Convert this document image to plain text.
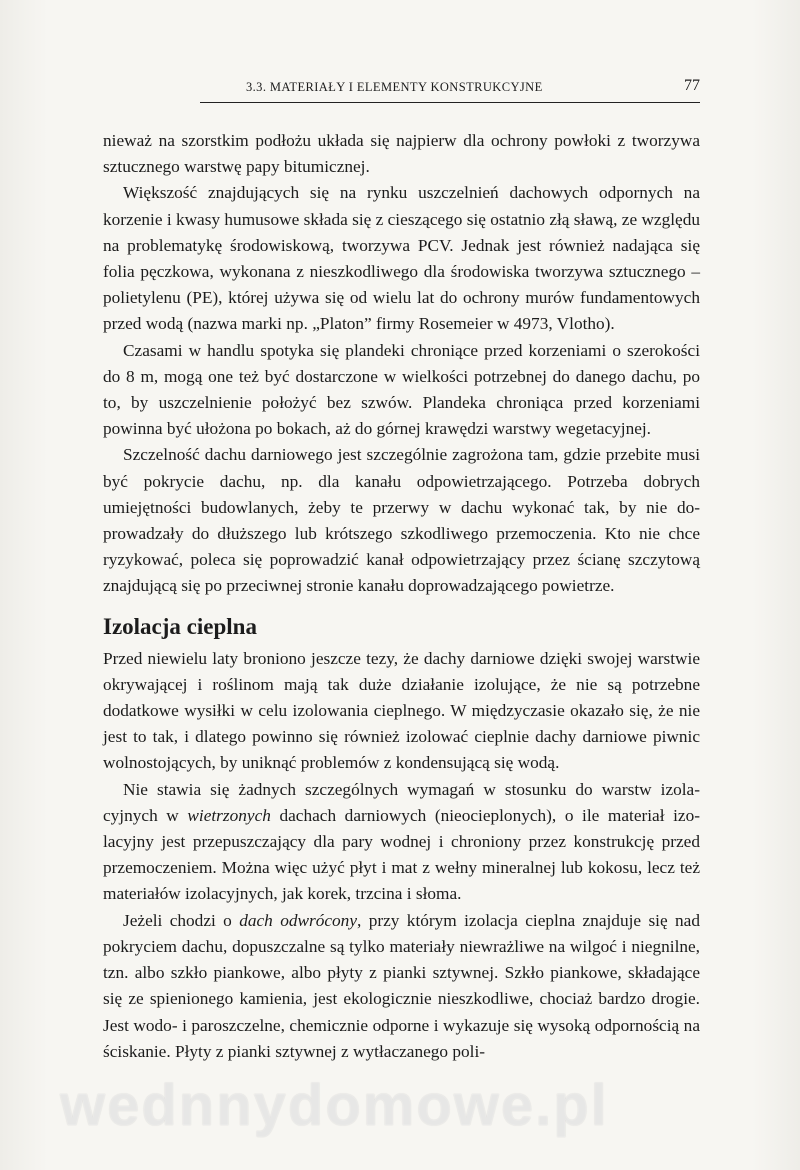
3.3. MATERIAŁY I ELEMENTY KONSTRUKCYJNE	77

nieważ na szorstkim podłożu układa się najpierw dla ochrony powłoki z tworzywa sztucznego warstwę papy bitumicznej.

Większość znajdujących się na rynku uszczelnień dachowych odpornych na korzenie i kwasy humusowe składa się z cieszącego się ostatnio złą sławą, ze względu na problematykę środowiskową, tworzywa PCV. Jednak jest również nadająca się folia pęczkowa, wykonana z nieszkodliwego dla środowiska tworzywa sztucznego – polietylenu (PE), której używa się od wielu lat do ochrony murów fundamentowych przed wodą (nazwa marki np. „Platon” firmy Rosemeier w 4973, Vlotho).

Czasami w handlu spotyka się plandeki chroniące przed korzeniami o szerokości do 8 m, mogą one też być dostarczone w wielkości potrzebnej do danego dachu, po to, by uszczelnienie położyć bez szwów. Plandeka chroniąca przed korzeniami powinna być ułożona po bokach, aż do górnej krawędzi warstwy wegetacyjnej.

Szczelność dachu darniowego jest szczególnie zagrożona tam, gdzie przebite musi być pokrycie dachu, np. dla kanału odpowietrzającego. Potrzeba dobrych umiejętności budowlanych, żeby te przerwy w dachu wykonać tak, by nie doprowadzały do dłuższego lub krótszego szkodliwego przemoczenia. Kto nie chce ryzykować, poleca się poprowadzić kanał odpowietrzający przez ścianę szczytową znajdującą się po przeciwnej stronie kanału doprowadzającego powietrze.

Izolacja cieplna

Przed niewielu laty broniono jeszcze tezy, że dachy darniowe dzięki swojej warstwie okrywającej i roślinom mają tak duże działanie izolujące, że nie są potrzebne dodatkowe wysiłki w celu izolowania cieplnego. W międzyczasie okazało się, że nie jest to tak, i dlatego powinno się również izolować cieplnie dachy darniowe piwnic wolnostojących, by uniknąć problemów z kondensującą się wodą.

Nie stawia się żadnych szczególnych wymagań w stosunku do warstw izolacyjnych w wietrzonych dachach darniowych (nieocieplonych), o ile materiał izolacyjny jest przepuszczający dla pary wodnej i chroniony przez konstrukcję przed przemoczeniem. Można więc użyć płyt i mat z wełny mineralnej lub kokosu, lecz też materiałów izolacyjnych, jak korek, trzcina i słoma.

Jeżeli chodzi o dach odwrócony, przy którym izolacja cieplna znajduje się nad pokryciem dachu, dopuszczalne są tylko materiały niewrażliwe na wilgoć i niegnilne, tzn. albo szkło piankowe, albo płyty z pianki sztywnej. Szkło piankowe, składające się ze spienionego kamienia, jest ekologicznie nieszkodliwe, chociaż bardzo drogie. Jest wodo- i paroszczelne, chemicznie odporne i wykazuje się wysoką odpornością na ściskanie. Płyty z pianki sztywnej z wytłaczanego poli-

wednnydomowe.pl
